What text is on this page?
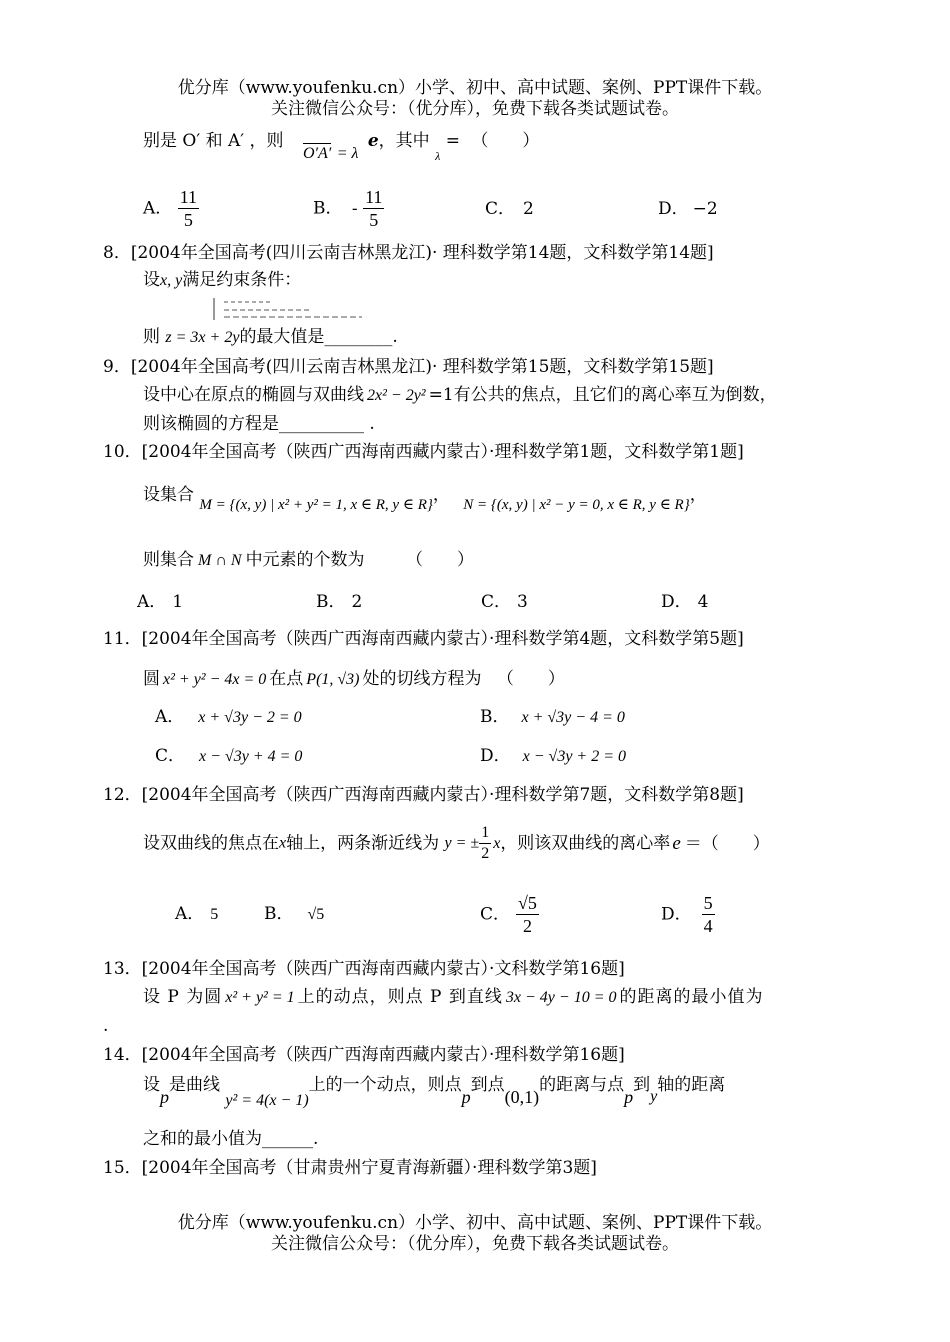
优分库（www.youfenku.cn）小学、初中、高中试题、案例、PPT课件下载。
关注微信公众号：（优分库），免费下载各类试题试卷。
别是 O′ 和 A′ ，则 O′A′ = λ e，其中 $_\lambda$ = （　　）
A． $\frac{11}{5}$	B． - $\frac{11}{5}$	C． 2	D． −2
8．[2004年全国高考(四川云南吉林黑龙江)· 理科数学第14题，文科数学第14题]
设x, y满足约束条件：
则 z = 3x + 2y的最大值是________.
9．[2004年全国高考(四川云南吉林黑龙江)· 理科数学第15题，文科数学第15题]
设中心在原点的椭圆与双曲线 2x² − 2y² =1有公共的焦点，且它们的离心率互为倒数，
则该椭圆的方程是__________ .
10．[2004年全国高考（陕西广西海南西藏内蒙古）·理科数学第1题，文科数学第1题]
设集合 M = {(x, y) | x² + y² = 1, x ∈ R, y ∈ R}， N = {(x, y) | x² − y = 0, x ∈ R, y ∈ R}，
则集合 M ∩ N 中元素的个数为 （　　）
A． 1	B． 2	C． 3	D． 4
11．[2004年全国高考（陕西广西海南西藏内蒙古）·理科数学第4题，文科数学第5题]
圆 x² + y² − 4x = 0 在点 P(1, √3) 处的切线方程为 （　　）
A． x + √3y − 2 = 0	B． x + √3y − 4 = 0
C． x − √3y + 4 = 0	D． x − √3y + 2 = 0
12．[2004年全国高考（陕西广西海南西藏内蒙古）·理科数学第7题，文科数学第8题]
设双曲线的焦点在x轴上，两条渐近线为 y = ± $\frac{1}{2}$ x，则该双曲线的离心率 e ＝（　　）
A． 5	B． √5	C． $\frac{√5}{2}$	D． $\frac{5}{4}$
13．[2004年全国高考（陕西广西海南西藏内蒙古）·文科数学第16题]
设 P 为圆 x² + y² = 1 上的动点，则点 P 到直线 3x − 4y − 10 = 0 的距离的最小值为
.
14．[2004年全国高考（陕西广西海南西藏内蒙古）·理科数学第16题]
设p是曲线 y² = 4(x − 1)上的一个动点，则点p到点(0,1)的距离与点p到y轴的距离
之和的最小值为______.
15．[2004年全国高考（甘肃贵州宁夏青海新疆）·理科数学第3题]
优分库（www.youfenku.cn）小学、初中、高中试题、案例、PPT课件下载。
关注微信公众号：（优分库），免费下载各类试题试卷。
x + y ≥ 1, x − y ≥ −1, 2x − y ≤ 2
